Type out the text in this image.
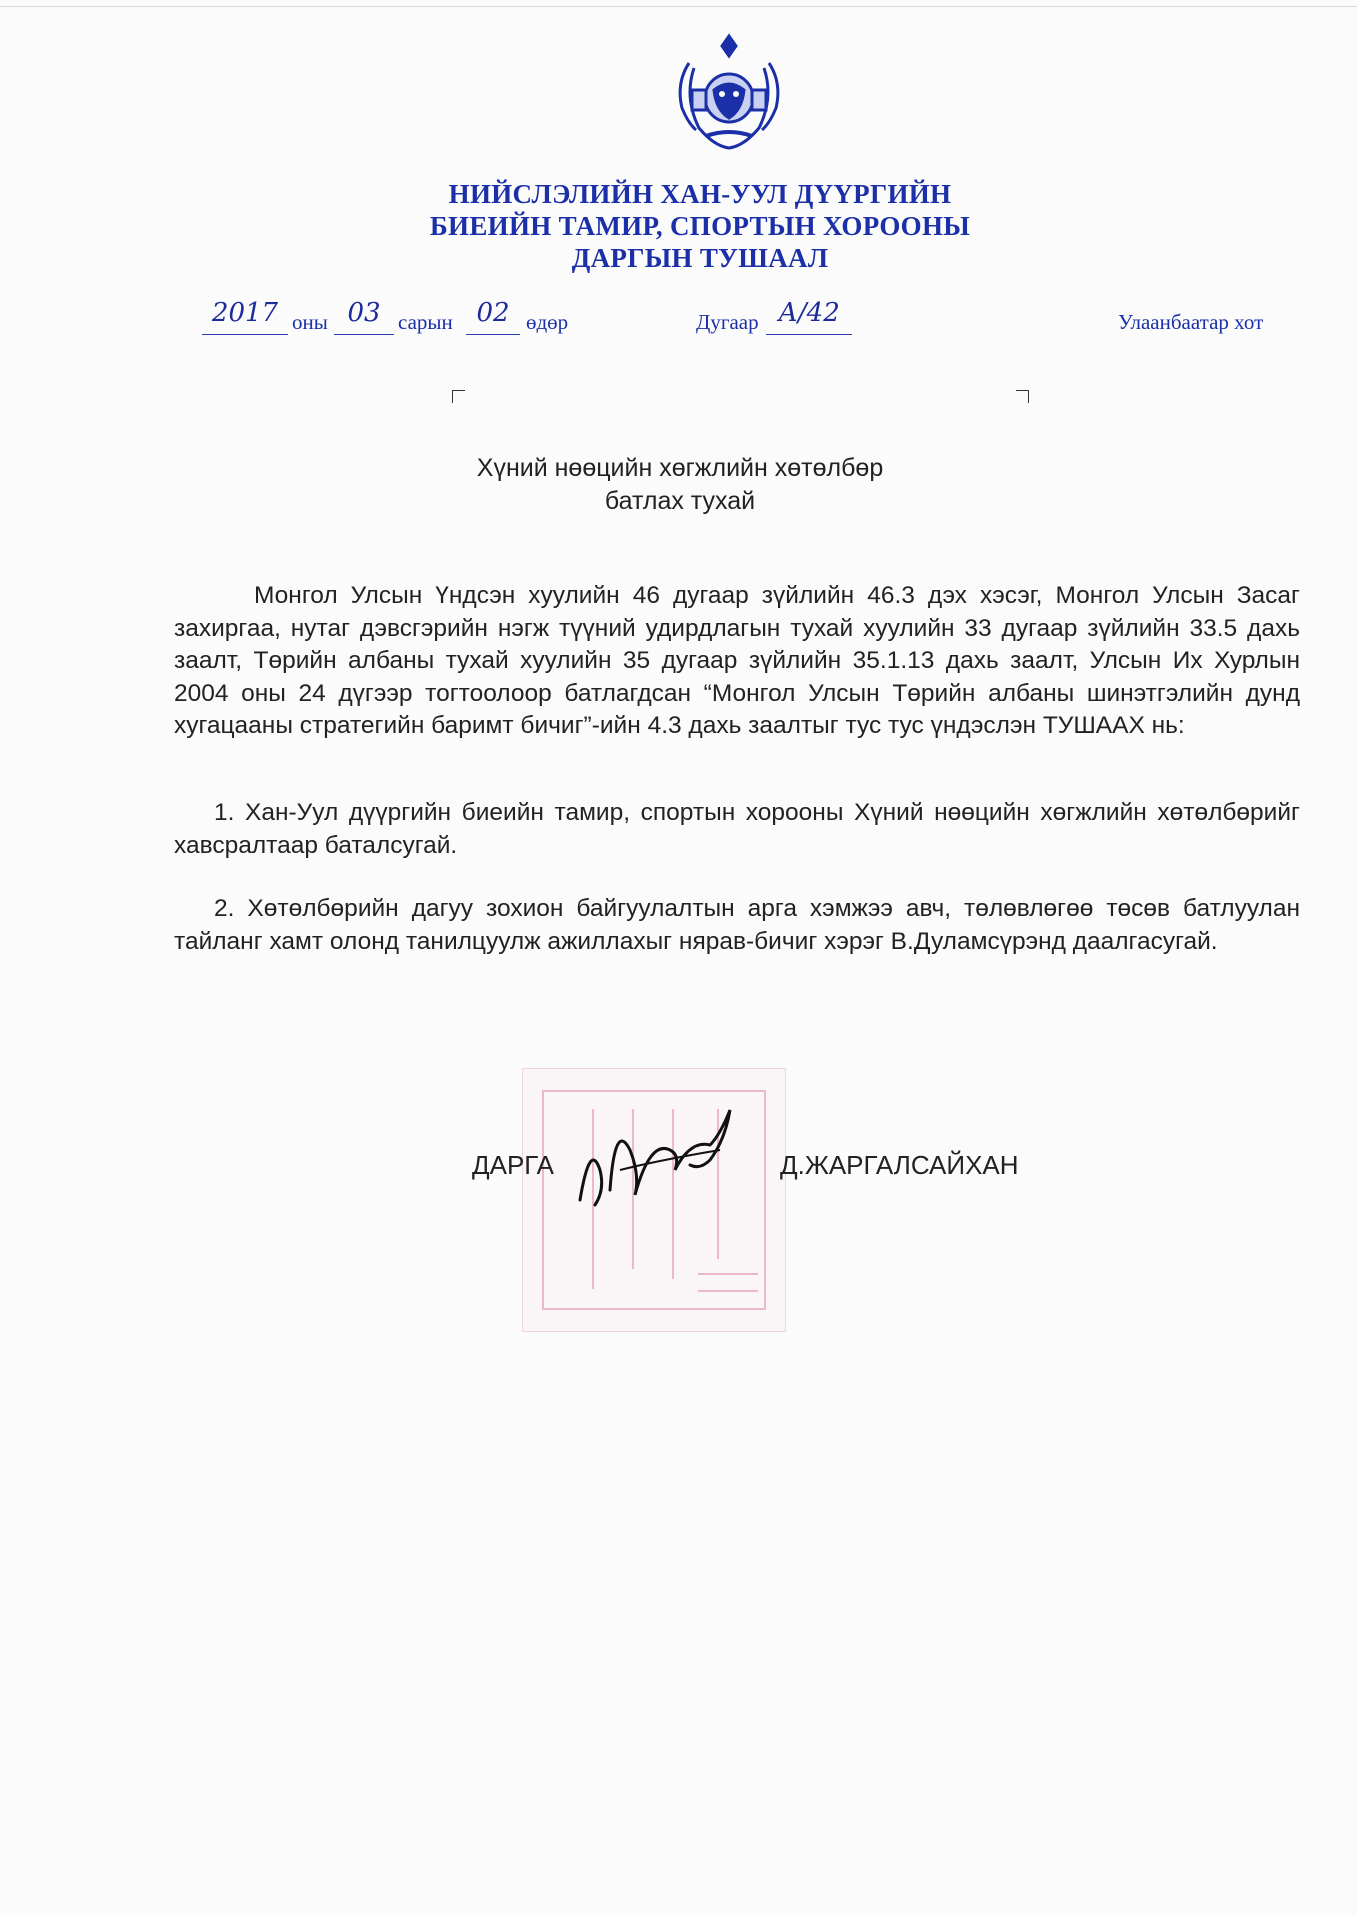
НИЙСЛЭЛИЙН ХАН-УУЛ ДҮҮРГИЙН
БИЕИЙН ТАМИР, СПОРТЫН ХОРООНЫ
ДАРГЫН ТУШААЛ
2017 оны 03 сарын 02 өдөр	Дугаар А/42	Улаанбаатар хот
Хүний нөөцийн хөгжлийн хөтөлбөр
батлах тухай
Монгол Улсын Үндсэн хуулийн 46 дугаар зүйлийн 46.3 дэх хэсэг, Монгол Улсын Засаг захиргаа, нутаг дэвсгэрийн нэгж түүний удирдлагын тухай хуулийн 33 дугаар зүйлийн 33.5 дахь заалт, Төрийн албаны тухай хуулийн 35 дугаар зүйлийн 35.1.13 дахь заалт, Улсын Их Хурлын 2004 оны 24 дүгээр тогтоолоор батлагдсан “Монгол Улсын Төрийн албаны шинэтгэлийн дунд хугацааны стратегийн баримт бичиг”-ийн 4.3 дахь заалтыг тус тус үндэслэн ТУШААХ нь:
1. Хан-Уул дүүргийн биеийн тамир, спортын хорооны Хүний нөөцийн хөгжлийн хөтөлбөрийг хавсралтаар баталсугай.
2. Хөтөлбөрийн дагуу зохион байгуулалтын арга хэмжээ авч, төлөвлөгөө төсөв батлуулан тайланг хамт олонд танилцуулж ажиллахыг нярав-бичиг хэрэг В.Дуламсүрэнд даалгасугай.
ДАРГА	Д.ЖАРГАЛСАЙХАН
